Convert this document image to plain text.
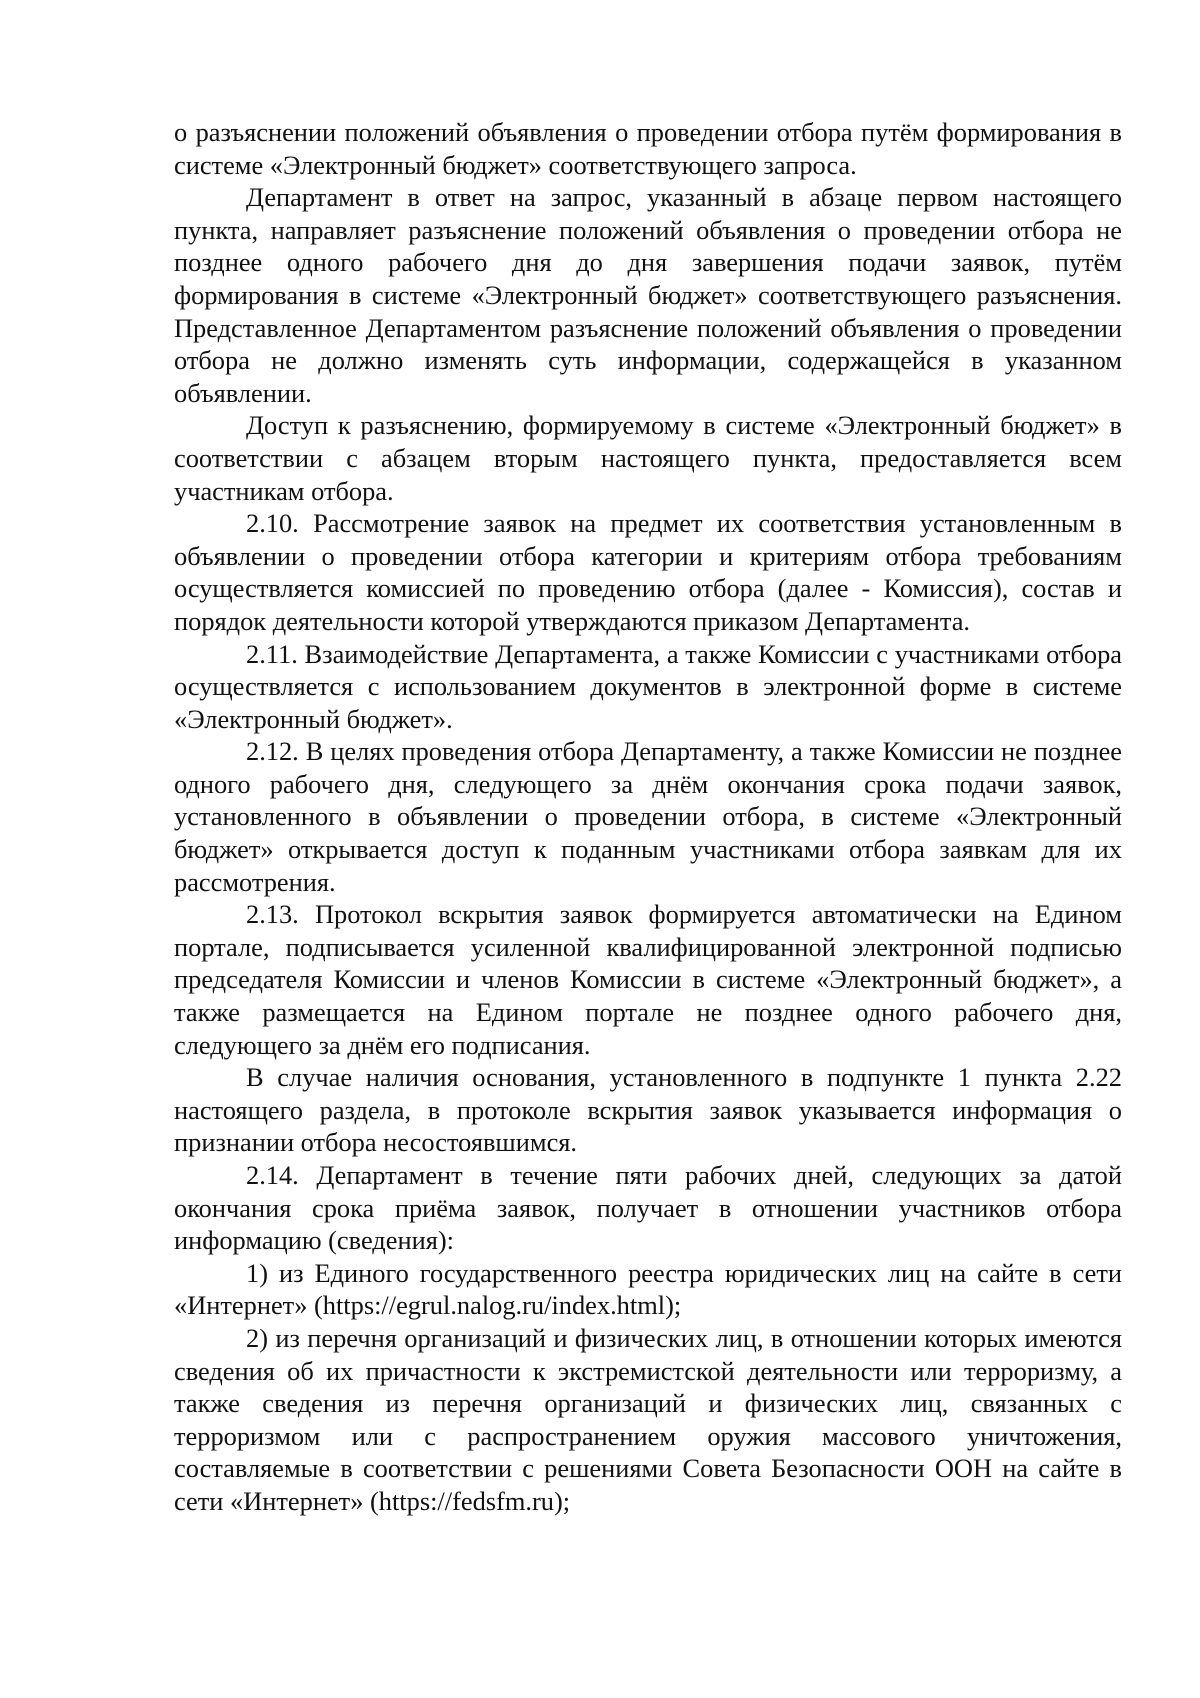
о разъяснении положений объявления о проведении отбора путём формирования в системе «Электронный бюджет» соответствующего запроса.

Департамент в ответ на запрос, указанный в абзаце первом настоящего пункта, направляет разъяснение положений объявления о проведении отбора не позднее одного рабочего дня до дня завершения подачи заявок, путём формирования в системе «Электронный бюджет» соответствующего разъяснения. Представленное Департаментом разъяснение положений объявления о проведении отбора не должно изменять суть информации, содержащейся в указанном объявлении.

Доступ к разъяснению, формируемому в системе «Электронный бюджет» в соответствии с абзацем вторым настоящего пункта, предоставляется всем участникам отбора.

2.10. Рассмотрение заявок на предмет их соответствия установленным в объявлении о проведении отбора категории и критериям отбора требованиям осуществляется комиссией по проведению отбора (далее - Комиссия), состав и порядок деятельности которой утверждаются приказом Департамента.

2.11. Взаимодействие Департамента, а также Комиссии с участниками отбора осуществляется с использованием документов в электронной форме в системе «Электронный бюджет».

2.12. В целях проведения отбора Департаменту, а также Комиссии не позднее одного рабочего дня, следующего за днём окончания срока подачи заявок, установленного в объявлении о проведении отбора, в системе «Электронный бюджет» открывается доступ к поданным участниками отбора заявкам для их рассмотрения.

2.13. Протокол вскрытия заявок формируется автоматически на Едином портале, подписывается усиленной квалифицированной электронной подписью председателя Комиссии и членов Комиссии в системе «Электронный бюджет», а также размещается на Едином портале не позднее одного рабочего дня, следующего за днём его подписания.

В случае наличия основания, установленного в подпункте 1 пункта 2.22 настоящего раздела, в протоколе вскрытия заявок указывается информация о признании отбора несостоявшимся.

2.14. Департамент в течение пяти рабочих дней, следующих за датой окончания срока приёма заявок, получает в отношении участников отбора информацию (сведения):

1) из Единого государственного реестра юридических лиц на сайте в сети «Интернет» (https://egrul.nalog.ru/index.html);

2) из перечня организаций и физических лиц, в отношении которых имеются сведения об их причастности к экстремистской деятельности или терроризму, а также сведения из перечня организаций и физических лиц, связанных с терроризмом или с распространением оружия массового уничтожения, составляемые в соответствии с решениями Совета Безопасности ООН на сайте в сети «Интернет» (https://fedsfm.ru);
